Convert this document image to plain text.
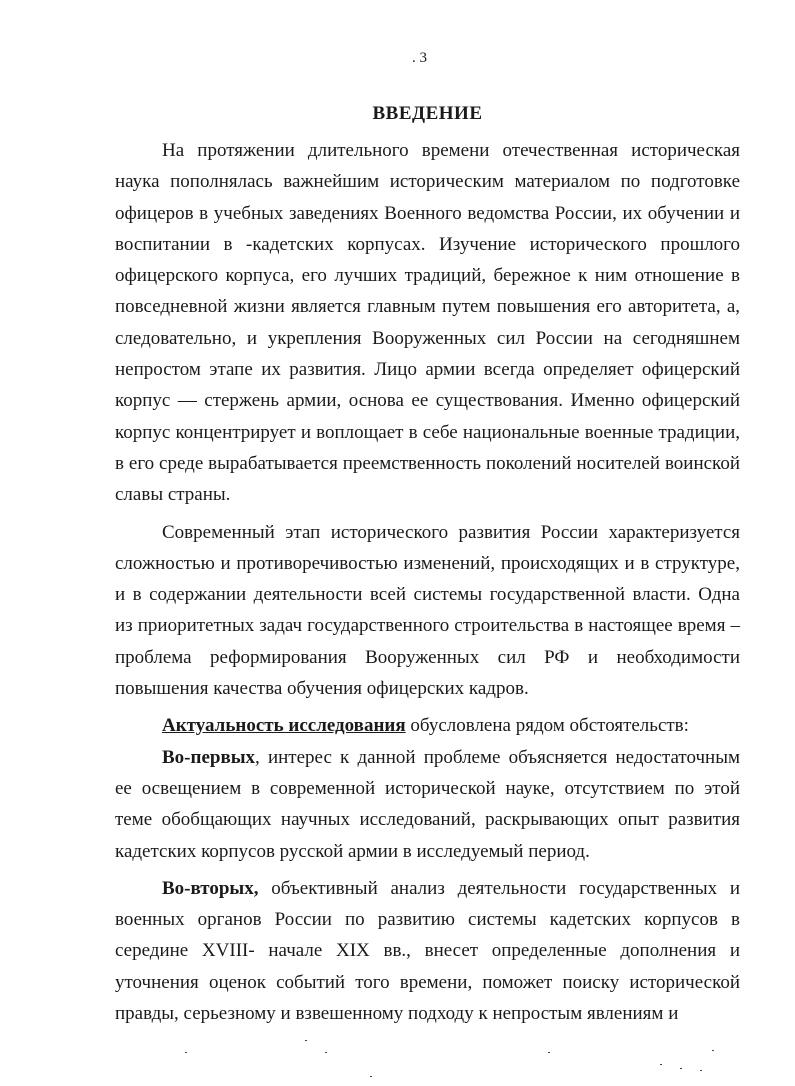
. 3
ВВЕДЕНИЕ

На протяжении длительного времени отечественная историческая наука пополнялась важнейшим историческим материалом по подготовке офицеров в учебных заведениях Военного ведомства России, их обучении и воспитании в -кадетских корпусах. Изучение исторического прошлого офицерского корпуса, его лучших традиций, бережное к ним отношение в повседневной жизни является главным путем повышения его авторитета, а, следовательно, и укрепления Вооруженных сил России на сегодняшнем непростом этапе их развития. Лицо армии всегда определяет офицерский корпус — стержень армии, основа ее существования. Именно офицерский корпус концентрирует и воплощает в себе национальные военные традиции, в его среде вырабатывается преемственность поколений носителей воинской славы страны.

Современный этап исторического развития России характеризуется сложностью и противоречивостью изменений, происходящих и в структуре, и в содержании деятельности всей системы государственной власти. Одна из приоритетных задач государственного строительства в настоящее время – проблема реформирования Вооруженных сил РФ и необходимости повышения качества обучения офицерских кадров.

Актуальность исследования обусловлена рядом обстоятельств:

Во-первых, интерес к данной проблеме объясняется недостаточным ее освещением в современной исторической науке, отсутствием по этой теме обобщающих научных исследований, раскрывающих опыт развития кадетских корпусов русской армии в исследуемый период.

Во-вторых, объективный анализ деятельности государственных и военных органов России по развитию системы кадетских корпусов в середине XVIII- начале XIX вв., внесет определенные дополнения и уточнения оценок событий того времени, поможет поиску исторической правды, серьезному и взвешенному подходу к непростым явлениям и
